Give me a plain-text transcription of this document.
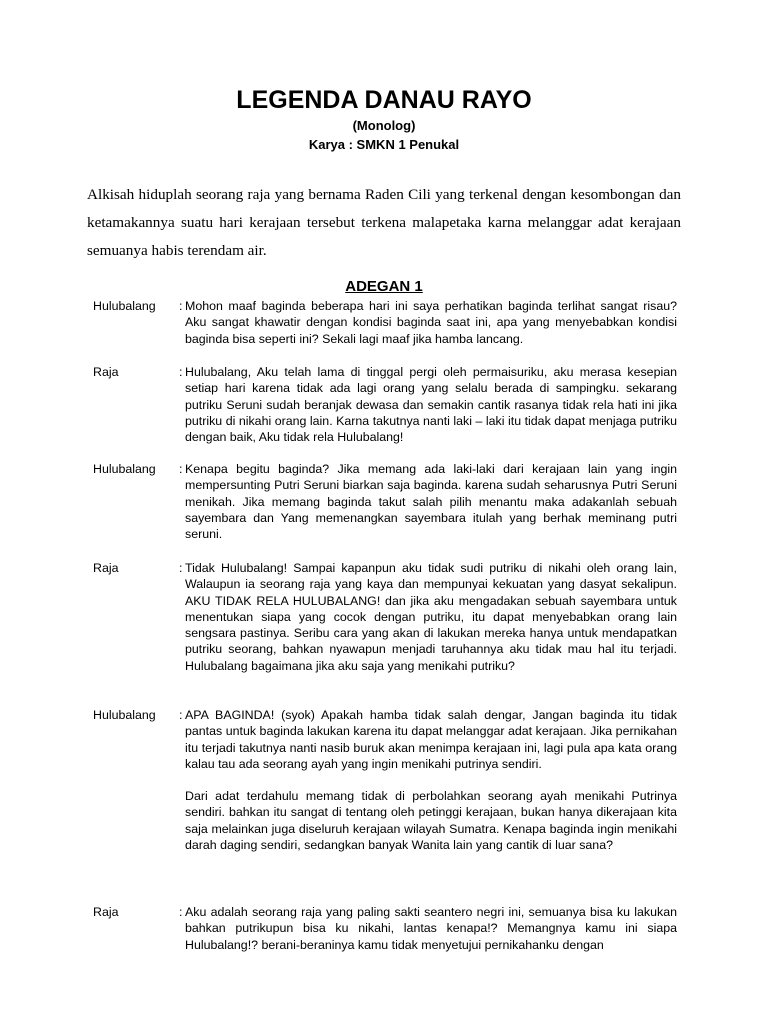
LEGENDA DANAU RAYO
(Monolog)
Karya : SMKN 1 Penukal
Alkisah hiduplah seorang raja yang bernama Raden Cili yang terkenal dengan kesombongan dan ketamakannya suatu hari kerajaan tersebut terkena malapetaka karna melanggar adat kerajaan semuanya habis terendam air.
ADEGAN 1
Hulubalang : Mohon maaf baginda beberapa hari ini saya perhatikan baginda terlihat sangat risau? Aku sangat khawatir dengan kondisi baginda saat ini, apa yang menyebabkan kondisi baginda bisa seperti ini? Sekali lagi maaf jika hamba lancang.

Raja	: Hulubalang, Aku telah lama di tinggal pergi oleh permaisuriku, aku merasa kesepian setiap hari karena tidak ada lagi orang yang selalu berada di sampingku. sekarang putriku Seruni sudah beranjak dewasa dan semakin cantik rasanya tidak rela hati ini jika putriku di nikahi orang lain. Karna takutnya nanti laki – laki itu tidak dapat menjaga putriku dengan baik, Aku tidak rela Hulubalang!

Hulubalang : Kenapa begitu baginda? Jika memang ada laki-laki dari kerajaan lain yang ingin mempersunting Putri Seruni biarkan saja baginda. karena sudah seharusnya Putri Seruni menikah. Jika memang baginda takut salah pilih menantu maka adakanlah sebuah sayembara dan Yang memenangkan sayembara itulah yang berhak meminang putri seruni.

Raja	: Tidak Hulubalang! Sampai kapanpun aku tidak sudi putriku di nikahi oleh orang lain, Walaupun ia seorang raja yang kaya dan mempunyai kekuatan yang dasyat sekalipun. AKU TIDAK RELA HULUBALANG! dan jika aku mengadakan sebuah sayembara untuk menentukan siapa yang cocok dengan putriku, itu dapat menyebabkan orang lain sengsara pastinya. Seribu cara yang akan di lakukan mereka hanya untuk mendapatkan putriku seorang, bahkan nyawapun menjadi taruhannya aku tidak mau hal itu terjadi. Hulubalang bagaimana jika aku saja yang menikahi putriku?

Hulubalang : APA BAGINDA! (syok) Apakah hamba tidak salah dengar, Jangan baginda itu tidak pantas untuk baginda lakukan karena itu dapat melanggar adat kerajaan. Jika pernikahan itu terjadi takutnya nanti nasib buruk akan menimpa kerajaan ini, lagi pula apa kata orang kalau tau ada seorang ayah yang ingin menikahi putrinya sendiri.

Dari adat terdahulu memang tidak di perbolahkan seorang ayah menikahi Putrinya sendiri. bahkan itu sangat di tentang oleh petinggi kerajaan, bukan hanya dikerajaan kita saja melainkan juga diseluruh kerajaan wilayah Sumatra. Kenapa baginda ingin menikahi darah daging sendiri, sedangkan banyak Wanita lain yang cantik di luar sana?

Raja	: Aku adalah seorang raja yang paling sakti seantero negri ini, semuanya bisa ku lakukan bahkan putrikupun bisa ku nikahi, lantas kenapa!? Memangnya kamu ini siapa Hulubalang!? berani-beraninya kamu tidak menyetujui pernikahanku dengan
